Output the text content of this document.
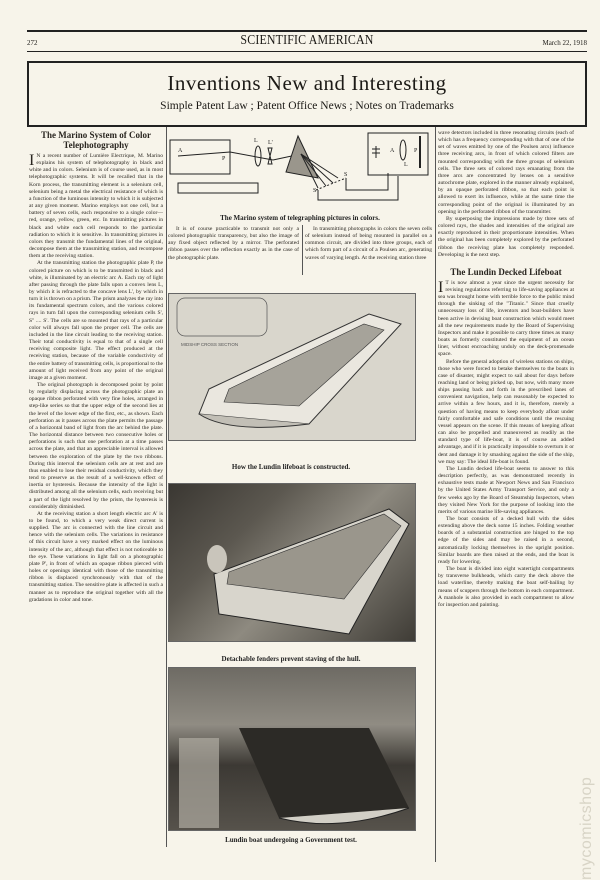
272	SCIENTIFIC AMERICAN	March 22, 1918
Inventions New and Interesting
Simple Patent Law ; Patent Office News ; Notes on Trademarks
The Marino System of Color Telephotography

I N a recent number of Lumière Electrique, M. Marino explains his system of telephotography in black and white and in colors. Selenium is of course used, as in most telephotographic systems. It will be recalled that in the Korn process, the transmitting element is a selenium cell, selenium being a metal the electrical resistance of which is a function of the luminous intensity to which it is subjected at any given moment. Marino employs not one cell, but a battery of seven cells, each responsive to a single color—red, orange, yellow, green, etc. In transmitting pictures in black and white each cell responds to the particular radiation to which it is sensitive. In transmitting pictures in colors they transmit the fundamental lines of the original, decompose them at the transmitting station, and recompose them at the receiving station.

At the transmitting station the photographic plate P, the colored picture on which is to be transmitted in black and white, is illuminated by an electric arc A. Each ray of light after passing through the plate falls upon a convex lens L, by which it is refracted to the concave lens L', by which in turn it is thrown on a prism. The prism analyzes the ray into its fundamental spectrum colors, and the various colored rays in turn fall upon the corresponding selenium cells S', S'' .... S'. The cells are so mounted that rays of a particular color will always fall upon the proper cell. The cells are included in the line circuit leading to the receiving station. Their total conductivity is equal to that of a single cell receiving composite light. The effect produced at the receiving station, because of the variable conductivity of the entire battery of transmitting cells, is proportional to the amount of light received from any point of the original image at a given moment.

The original photograph is decomposed point by point by regularly displacing across the photographic plate an opaque ribbon perforated with very fine holes, arranged in step-like series so that the upper edge of the second lies at the level of the lower edge of the first, etc., as shown. Each perforation as it passes across the plate permits the passage of a horizontal band of light from the arc behind the plate. The horizontal distance between two consecutive holes or perforations is such that one perforation at a time passes across the plate, and that an appreciable interval is allowed between the exploration of the plate by the two ribbons. During this interval the selenium cells are at rest and are thus enabled to lose their residual conductivity, which they tend to preserve as the result of a well-known effect of inertia or hysteresis. Because the intensity of the light is distributed among all the selenium cells, each receiving but a part of the light resolved by the prism, the hysteresis is considerably diminished.

At the receiving station a short length electric arc A' is to be found, to which a very weak direct current is supplied. The arc is connected with the line circuit and hence with the selenium cells. The variations in resistance of this circuit have a very marked effect on the luminous intensity of the arc, although that effect is not noticeable to the eye. These variations in light fall on a photographic plate P', in front of which an opaque ribbon pierced with holes or openings identical with those of the transmitting ribbon is displaced synchronously with that of the transmitting station. The sensitive plate is affected in such a manner as to reproduce the original together with all the gradations in color and tone.

A
P
L L'
S
S
A
L
P
The Marino system of telegraphing pictures in colors.

It is of course practicable to transmit not only a colored photographic transparency, but also the image of any fixed object reflected by a mirror. The perforated ribbon passes over the reflection exactly as in the case of the photographic plate.

In transmitting photographs in colors the seven cells of selenium instead of being mounted in parallel on a common circuit, are divided into three groups, each of which form part of a circuit of a Poulsen arc, generating waves of varying length. At the receiving station three

MIDSHIP CROSS SECTION
How the Lundin lifeboat is constructed.
Detachable fenders prevent staving of the hull.
Lundin boat undergoing a Government test.

wave detectors included in three resonating circuits (each of which has a frequency corresponding with that of one of the set of waves emitted by one of the Poulsen arcs) influence three receiving arcs, in front of which colored filters are mounted corresponding with the three groups of selenium cells. The three sets of colored rays emanating from the three arcs are concentrated by lenses on a sensitive autochrome plate, explored in the manner already explained, by an opaque perforated ribbon, so that each point is allowed to exert its influence, while at the same time the corresponding point of the original is illuminated by an opening in the perforated ribbon of the transmitter.

By superposing the impressions made by three sets of colored rays, the shades and intensities of the original are exactly reproduced in their proportionate intensities. When the original has been completely explored by the perforated ribbon the receiving plate has completely responded. Developing is the next step.

The Lundin Decked Lifeboat

I T is now almost a year since the urgent necessity for revising regulations referring to life-saving appliances at sea was brought home with terrible force to the public mind through the sinking of the "Titanic." Since that cruelly unnecessary loss of life, inventors and boat-builders have been active in devising boat construction which would meet all the new requirements made by the Board of Supervising Inspectors and make it possible to carry three times as many boats as formerly constituted the equipment of an ocean liner, without encroaching unduly on the deck-promenade space.

Before the general adoption of wireless stations on ships, those who were forced to betake themselves to the boats in case of disaster, might expect to sail about for days before reaching land or being picked up, but now, with many more ships passing back and forth in the prescribed lanes of convenient navigation, help can reasonably be expected to arrive within a few hours, and it is, therefore, merely a question of having means to keep everybody afloat under fairly comfortable and safe conditions until the rescuing vessel appears on the scene. If this means of keeping afloat can also be propelled and maneuvered as readily as the standard type of life-boat, it is of course an added advantage, and if it is practically impossible to overturn it or dent and damage it by smashing against the side of the ship, we may say: The ideal life-boat is found.

The Lundin decked life-boat seems to answer to this description perfectly, as was demonstrated recently in exhaustive tests made at Newport News and San Francisco by the United States Army Transport Service, and only a few weeks ago by the Board of Steamship Inspectors, when they visited New York for the purpose of looking into the merits of various marine life-saving appliances.

The boat consists of a decked hull with the sides extending above the deck some 15 inches. Folding weather boards of a substantial construction are hinged to the top edge of the sides and may be raised in a second, automatically locking themselves in the upright position. Similar boards are then raised at the ends, and the boat is ready for lowering.

The boat is divided into eight watertight compartments by transverse bulkheads, which carry the deck above the load waterline, thereby making the boat self-bailing by means of scuppers through the bottom in each compartment. A manhole is also provided in each compartment to allow for inspection and painting.

mycomicshop
